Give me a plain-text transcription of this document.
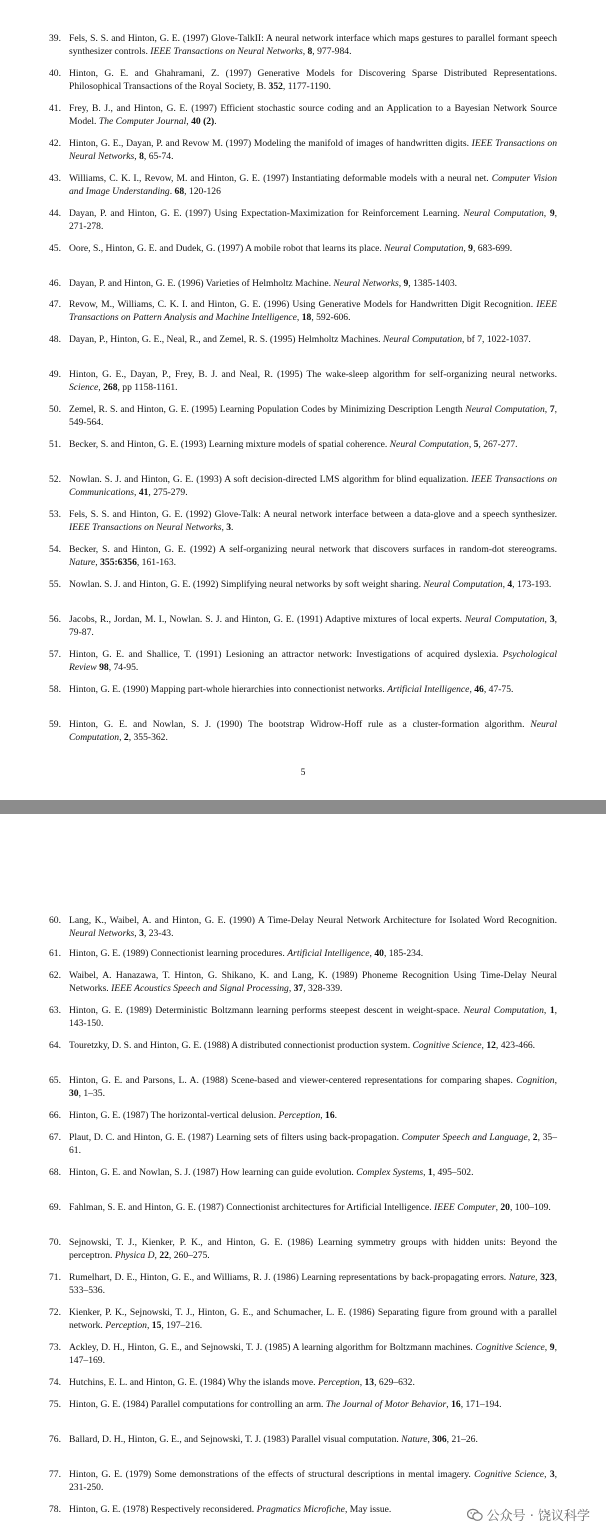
39. Fels, S. S. and Hinton, G. E. (1997) Glove-TalkII: A neural network interface which maps gestures to parallel formant speech synthesizer controls. IEEE Transactions on Neural Networks, 8, 977-984.
40. Hinton, G. E. and Ghahramani, Z. (1997) Generative Models for Discovering Sparse Distributed Representations. Philosophical Transactions of the Royal Society, B. 352, 1177-1190.
41. Frey, B. J., and Hinton, G. E. (1997) Efficient stochastic source coding and an Application to a Bayesian Network Source Model. The Computer Journal, 40 (2).
42. Hinton, G. E., Dayan, P. and Revow M. (1997) Modeling the manifold of images of handwritten digits. IEEE Transactions on Neural Networks, 8, 65-74.
43. Williams, C. K. I., Revow, M. and Hinton, G. E. (1997) Instantiating deformable models with a neural net. Computer Vision and Image Understanding. 68, 120-126
44. Dayan, P. and Hinton, G. E. (1997) Using Expectation-Maximization for Reinforcement Learning. Neural Computation, 9, 271-278.
45. Oore, S., Hinton, G. E. and Dudek, G. (1997) A mobile robot that learns its place. Neural Computation, 9, 683-699.
46. Dayan, P. and Hinton, G. E. (1996) Varieties of Helmholtz Machine. Neural Networks, 9, 1385-1403.
47. Revow, M., Williams, C. K. I. and Hinton, G. E. (1996) Using Generative Models for Handwritten Digit Recognition. IEEE Transactions on Pattern Analysis and Machine Intelligence, 18, 592-606.
48. Dayan, P., Hinton, G. E., Neal, R., and Zemel, R. S. (1995) Helmholtz Machines. Neural Computation, bf 7, 1022-1037.
49. Hinton, G. E., Dayan, P., Frey, B. J. and Neal, R. (1995) The wake-sleep algorithm for self-organizing neural networks. Science, 268, pp 1158-1161.
50. Zemel, R. S. and Hinton, G. E. (1995) Learning Population Codes by Minimizing Description Length Neural Computation, 7, 549-564.
51. Becker, S. and Hinton, G. E. (1993) Learning mixture models of spatial coherence. Neural Computation, 5, 267-277.
52. Nowlan. S. J. and Hinton, G. E. (1993) A soft decision-directed LMS algorithm for blind equalization. IEEE Transactions on Communications, 41, 275-279.
53. Fels, S. S. and Hinton, G. E. (1992) Glove-Talk: A neural network interface between a data-glove and a speech synthesizer. IEEE Transactions on Neural Networks, 3.
54. Becker, S. and Hinton, G. E. (1992) A self-organizing neural network that discovers surfaces in random-dot stereograms. Nature, 355:6356, 161-163.
55. Nowlan. S. J. and Hinton, G. E. (1992) Simplifying neural networks by soft weight sharing. Neural Computation, 4, 173-193.
56. Jacobs, R., Jordan, M. I., Nowlan. S. J. and Hinton, G. E. (1991) Adaptive mixtures of local experts. Neural Computation, 3, 79-87.
57. Hinton, G. E. and Shallice, T. (1991) Lesioning an attractor network: Investigations of acquired dyslexia. Psychological Review 98, 74-95.
58. Hinton, G. E. (1990) Mapping part-whole hierarchies into connectionist networks. Artificial Intelligence, 46, 47-75.
59. Hinton, G. E. and Nowlan, S. J. (1990) The bootstrap Widrow-Hoff rule as a cluster-formation algorithm. Neural Computation, 2, 355-362.
5
60. Lang, K., Waibel, A. and Hinton, G. E. (1990) A Time-Delay Neural Network Architecture for Isolated Word Recognition. Neural Networks, 3, 23-43.
61. Hinton, G. E. (1989) Connectionist learning procedures. Artificial Intelligence, 40, 185-234.
62. Waibel, A. Hanazawa, T. Hinton, G. Shikano, K. and Lang, K. (1989) Phoneme Recognition Using Time-Delay Neural Networks. IEEE Acoustics Speech and Signal Processing, 37, 328-339.
63. Hinton, G. E. (1989) Deterministic Boltzmann learning performs steepest descent in weight-space. Neural Computation, 1, 143-150.
64. Touretzky, D. S. and Hinton, G. E. (1988) A distributed connectionist production system. Cognitive Science, 12, 423-466.
65. Hinton, G. E. and Parsons, L. A. (1988) Scene-based and viewer-centered representations for comparing shapes. Cognition, 30, 1–35.
66. Hinton, G. E. (1987) The horizontal-vertical delusion. Perception, 16.
67. Plaut, D. C. and Hinton, G. E. (1987) Learning sets of filters using back-propagation. Computer Speech and Language, 2, 35–61.
68. Hinton, G. E. and Nowlan, S. J. (1987) How learning can guide evolution. Complex Systems, 1, 495–502.
69. Fahlman, S. E. and Hinton, G. E. (1987) Connectionist architectures for Artificial Intelligence. IEEE Computer, 20, 100–109.
70. Sejnowski, T. J., Kienker, P. K., and Hinton, G. E. (1986) Learning symmetry groups with hidden units: Beyond the perceptron. Physica D, 22, 260–275.
71. Rumelhart, D. E., Hinton, G. E., and Williams, R. J. (1986) Learning representations by back-propagating errors. Nature, 323, 533–536.
72. Kienker, P. K., Sejnowski, T. J., Hinton, G. E., and Schumacher, L. E. (1986) Separating figure from ground with a parallel network. Perception, 15, 197–216.
73. Ackley, D. H., Hinton, G. E., and Sejnowski, T. J. (1985) A learning algorithm for Boltzmann machines. Cognitive Science, 9, 147–169.
74. Hutchins, E. L. and Hinton, G. E. (1984) Why the islands move. Perception, 13, 629–632.
75. Hinton, G. E. (1984) Parallel computations for controlling an arm. The Journal of Motor Behavior, 16, 171–194.
76. Ballard, D. H., Hinton, G. E., and Sejnowski, T. J. (1983) Parallel visual computation. Nature, 306, 21–26.
77. Hinton, G. E. (1979) Some demonstrations of the effects of structural descriptions in mental imagery. Cognitive Science, 3, 231-250.
78. Hinton, G. E. (1978) Respectively reconsidered. Pragmatics Microfiche, May issue.	公众号 · 饶议科学
